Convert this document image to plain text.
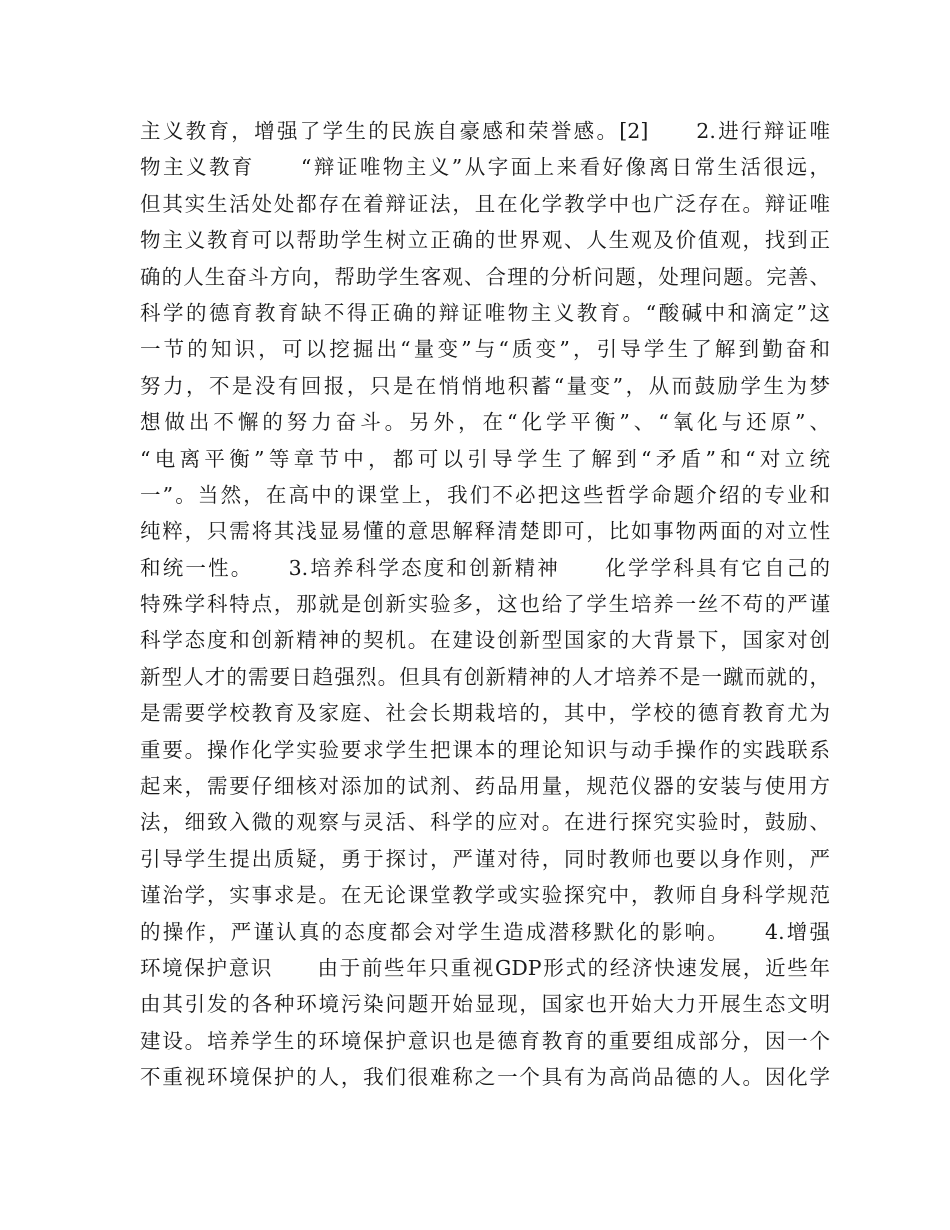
主义教育，增强了学生的民族自豪感和荣誉感。[2]　　2.进行辩证唯
物主义教育　　“辩证唯物主义”从字面上来看好像离日常生活很远，
但其实生活处处都存在着辩证法，且在化学教学中也广泛存在。辩证唯
物主义教育可以帮助学生树立正确的世界观、人生观及价值观，找到正
确的人生奋斗方向，帮助学生客观、合理的分析问题，处理问题。完善、
科学的德育教育缺不得正确的辩证唯物主义教育。“酸碱中和滴定”这
一节的知识，可以挖掘出“量变”与“质变”，引导学生了解到勤奋和
努力，不是没有回报，只是在悄悄地积蓄“量变”，从而鼓励学生为梦
想做出不懈的努力奋斗。另外，在“化学平衡”、“氧化与还原”、
“电离平衡”等章节中，都可以引导学生了解到“矛盾”和“对立统
一”。当然，在高中的课堂上，我们不必把这些哲学命题介绍的专业和
纯粹，只需将其浅显易懂的意思解释清楚即可，比如事物两面的对立性
和统一性。　　3.培养科学态度和创新精神　　化学学科具有它自己的
特殊学科特点，那就是创新实验多，这也给了学生培养一丝不苟的严谨
科学态度和创新精神的契机。在建设创新型国家的大背景下，国家对创
新型人才的需要日趋强烈。但具有创新精神的人才培养不是一蹴而就的，
是需要学校教育及家庭、社会长期栽培的，其中，学校的德育教育尤为
重要。操作化学实验要求学生把课本的理论知识与动手操作的实践联系
起来，需要仔细核对添加的试剂、药品用量，规范仪器的安装与使用方
法，细致入微的观察与灵活、科学的应对。在进行探究实验时，鼓励、
引导学生提出质疑，勇于探讨，严谨对待，同时教师也要以身作则，严
谨治学，实事求是。在无论课堂教学或实验探究中，教师自身科学规范
的操作，严谨认真的态度都会对学生造成潜移默化的影响。　　4.增强
环境保护意识　　由于前些年只重视GDP形式的经济快速发展，近些年
由其引发的各种环境污染问题开始显现，国家也开始大力开展生态文明
建设。培养学生的环境保护意识也是德育教育的重要组成部分，因一个
不重视环境保护的人，我们很难称之一个具有为高尚品德的人。因化学
